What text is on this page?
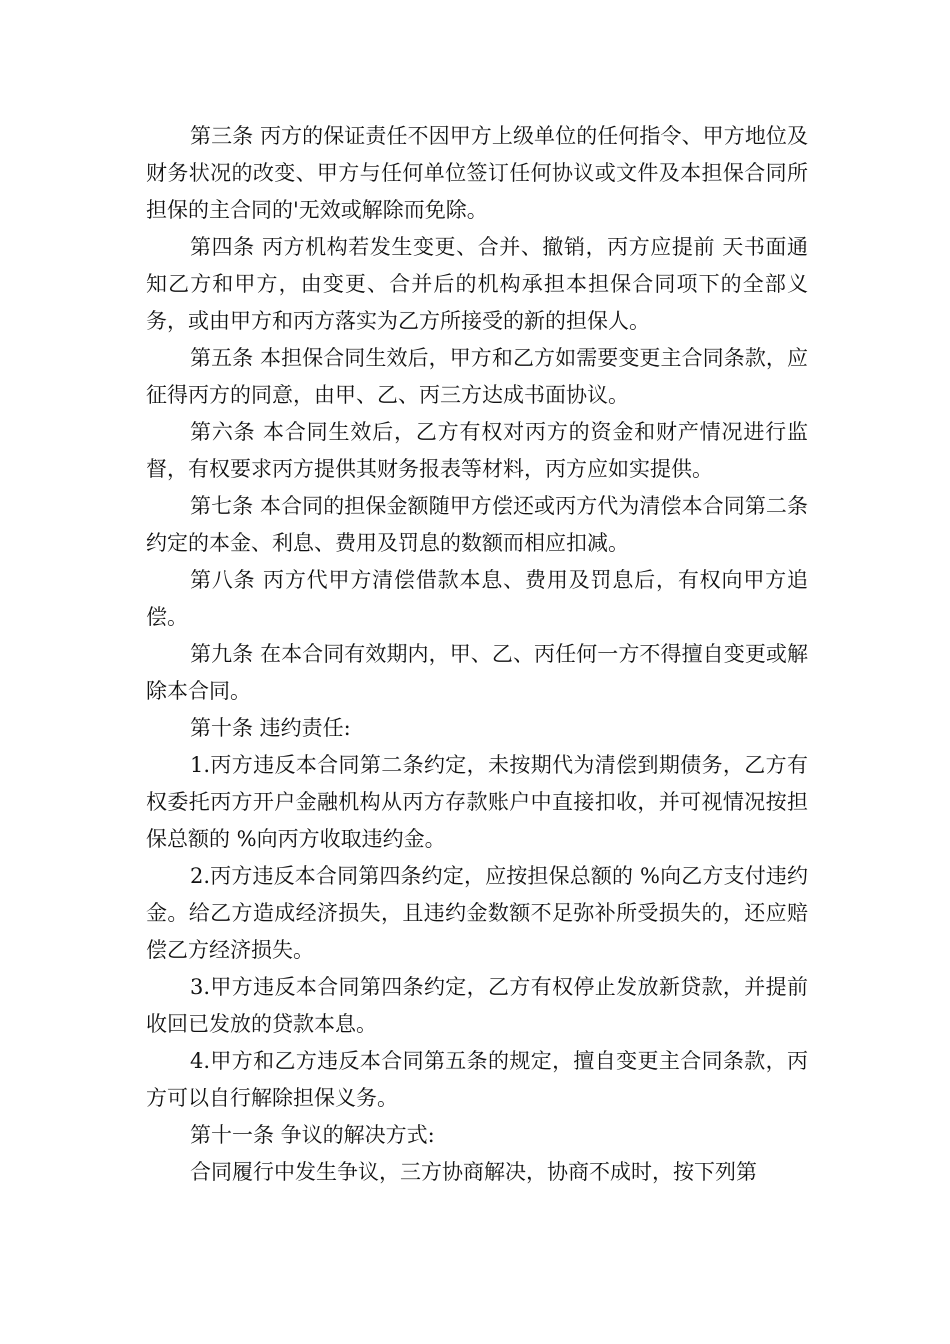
第三条 丙方的保证责任不因甲方上级单位的任何指令、甲方地位及财务状况的改变、甲方与任何单位签订任何协议或文件及本担保合同所担保的主合同的'无效或解除而免除。

第四条 丙方机构若发生变更、合并、撤销，丙方应提前 天书面通知乙方和甲方，由变更、合并后的机构承担本担保合同项下的全部义务，或由甲方和丙方落实为乙方所接受的新的担保人。

第五条 本担保合同生效后，甲方和乙方如需要变更主合同条款，应征得丙方的同意，由甲、乙、丙三方达成书面协议。

第六条 本合同生效后，乙方有权对丙方的资金和财产情况进行监督，有权要求丙方提供其财务报表等材料，丙方应如实提供。

第七条 本合同的担保金额随甲方偿还或丙方代为清偿本合同第二条约定的本金、利息、费用及罚息的数额而相应扣减。

第八条 丙方代甲方清偿借款本息、费用及罚息后，有权向甲方追偿。

第九条 在本合同有效期内，甲、乙、丙任何一方不得擅自变更或解除本合同。

第十条 违约责任:

1.丙方违反本合同第二条约定，未按期代为清偿到期债务，乙方有权委托丙方开户金融机构从丙方存款账户中直接扣收，并可视情况按担保总额的 %向丙方收取违约金。

2.丙方违反本合同第四条约定，应按担保总额的 %向乙方支付违约金。给乙方造成经济损失，且违约金数额不足弥补所受损失的，还应赔偿乙方经济损失。

3.甲方违反本合同第四条约定，乙方有权停止发放新贷款，并提前收回已发放的贷款本息。

4.甲方和乙方违反本合同第五条的规定，擅自变更主合同条款，丙方可以自行解除担保义务。

第十一条 争议的解决方式:

合同履行中发生争议，三方协商解决，协商不成时，按下列第
